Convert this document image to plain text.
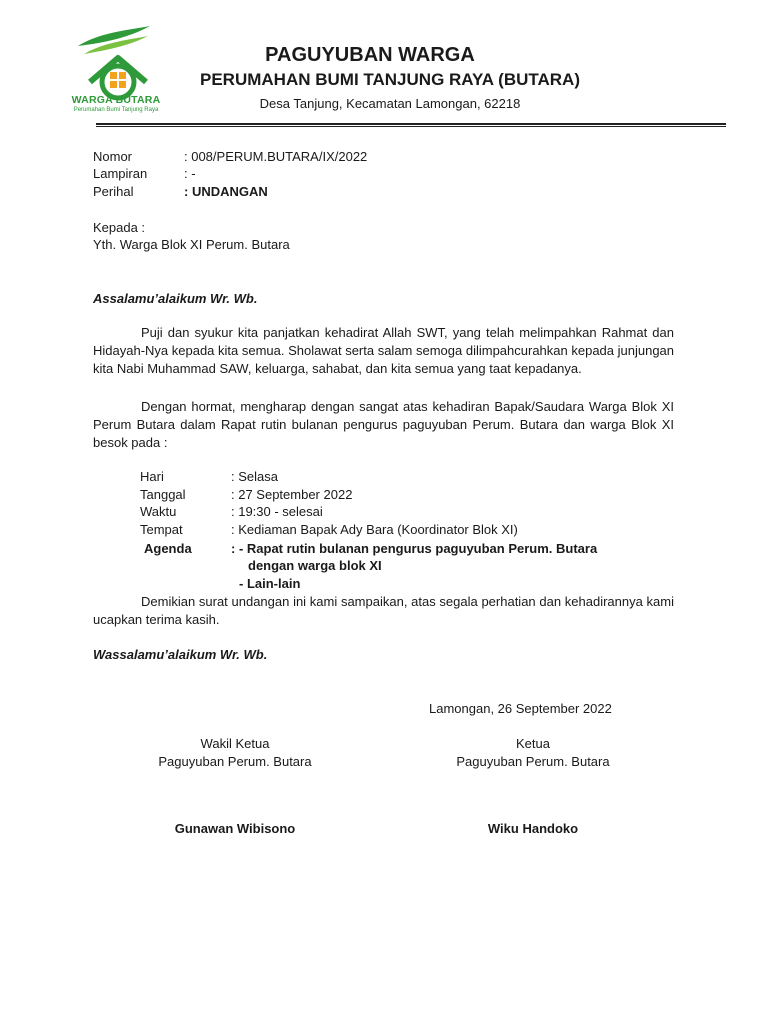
WARGA BUTARA
Perumahan Bumi Tanjung Raya
PAGUYUBAN WARGA
PERUMAHAN BUMI TANJUNG RAYA (BUTARA)
Desa Tanjung, Kecamatan Lamongan, 62218
Nomor	: 008/PERUM.BUTARA/IX/2022
Lampiran	: -
Perihal	: UNDANGAN
Kepada :
Yth. Warga Blok XI Perum. Butara
Assalamu’alaikum Wr. Wb.

Puji dan syukur kita panjatkan kehadirat Allah SWT, yang telah melimpahkan Rahmat dan Hidayah-Nya kepada kita semua. Sholawat serta salam semoga dilimpahcurahkan kepada junjungan kita Nabi Muhammad SAW, keluarga, sahabat, dan kita semua yang taat kepadanya.

Dengan hormat, mengharap dengan sangat atas kehadiran Bapak/Saudara Warga Blok XI Perum Butara dalam Rapat rutin bulanan pengurus paguyuban Perum. Butara dan warga Blok XI besok pada :

Hari	: Selasa
Tanggal	: 27 September 2022
Waktu	: 19:30 - selesai
Tempat	: Kediaman Bapak Ady Bara (Koordinator Blok XI)
Agenda	: - Rapat rutin bulanan pengurus paguyuban Perum. Butara
dengan warga blok XI
- Lain-lain

Demikian surat undangan ini kami sampaikan, atas segala perhatian dan kehadirannya kami ucapkan terima kasih.

Wassalamu’alaikum Wr. Wb.
Lamongan, 26 September 2022
Wakil Ketua
Paguyuban Perum. Butara
Gunawan Wibisono
Ketua
Paguyuban Perum. Butara
Wiku Handoko
